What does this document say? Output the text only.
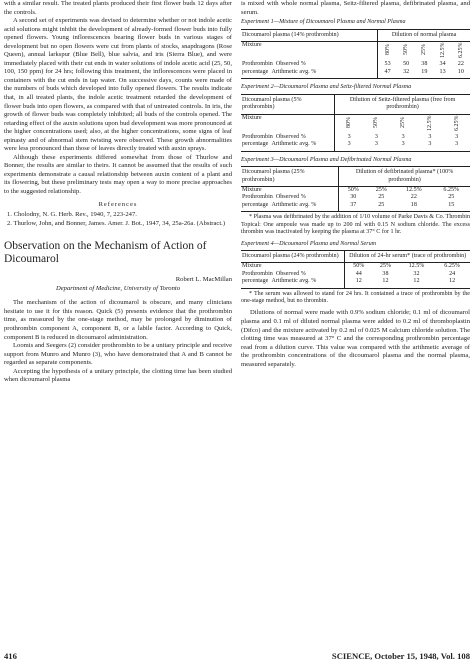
with a similar result. The treated plants produced their first flower buds 12 days after the controls.

A second set of experiments was devised to determine whether or not indole acetic acid solutions might inhibit the development of already-formed flower buds into fully opened flowers. Young inflorescences bearing flower buds in various stages of development but no open flowers were cut from plants of stocks, snapdragons (Rose Queen), annual larkspur (Blue Bell), blue salvia, and iris (Sierra Blue), and were immediately placed with their cut ends in water solutions of indole acetic acid (25, 50, 100, 150 ppm) for 24 hrs; following this treatment, the inflorescences were placed in containers with the cut ends in tap water. On successive days, counts were made of the numbers of buds which developed into fully opened flowers. The results indicate that, in all treated plants, the indole acetic treatment retarded the development of flower buds into open flowers, as compared with that of untreated controls. In iris, the growth of flower buds was completely inhibited; all buds of the controls opened. The retarding effect of the auxin solutions upon bud development was more pronounced at the higher concentrations used; also, at the higher concentrations, some signs of leaf epinasty and of abnormal stem twisting were observed. These growth abnormalities were less pronounced than those of leaves directly treated with auxin sprays.

Although these experiments differed somewhat from those of Thurlow and Bonner, the results are similar to theirs. It cannot be assumed that the results of such experiments demonstrate a causal relationship between auxin content of a plant and its flowering, but these preliminary tests may open a way to more precise approaches to the suggested relationship.

References

1. Cholodny, N. G. Herb. Rev., 1940, 7, 223-247.

2. Thurlow, John, and Bonner, James. Amer. J. Bot., 1947, 34, 25a-26a. (Abstract.)

Observation on the Mechanism of Action of Dicoumarol

Robert L. MacMillan

Department of Medicine, University of Toronto

The mechanism of the action of dicoumarol is obscure, and many clinicians hesitate to use it for this reason. Quick (5) presents evidence that the prothrombin time, as measured by the one-stage method, may be prolonged by diminution of prothrombin component A, component B, or a labile factor. According to Quick, component B is reduced in dicoumarol administration.

Loomis and Seegers (2) consider prothrombin to be a unitary principle and receive support from Munro and Munro (3), who have demonstrated that A and B cannot be regarded as separate components.

Accepting the hypothesis of a unitary principle, the clotting time has been studied when dicoumarol plasma

is mixed with whole normal plasma, Seitz-filtered plasma, defibrinated plasma, and serum.

Experiment 1—Mixture of Dicoumarol Plasma and Normal Plasma
Dicoumarol plasma (14% prothrombin)	Dilution of normal plasma				
Mixture	80%	50%	25%	12.5%	6.25%
Prothrombin Observed %	53	50	38	34	22
percentage Arithmetic avg. %	47	32	19	13	10
Experiment 2—Dicoumarol Plasma and Seitz-filtered Normal Plasma
Dicoumarol plasma (5% prothrombin)	Dilution of Seitz-filtered plasma (free from prothrombin)				
Mixture	80%	50%	25%	12.5%	6.25%
Prothrombin Observed %	3	3	3	3	3
percentage Arithmetic avg. %	3	3	3	3	3
Experiment 3—Dicoumarol Plasma and Defibrinated Normal Plasma
Dicoumarol plasma (25% prothrombin)	Dilution of defibrinated plasma* (100% prothrombin)			
Mixture	50%	25%	12.5%	6.25%
Prothrombin Observed %	30	25	22	25
percentage Arithmetic avg. %	37	25	18	15

* Plasma was defibrinated by the addition of 1/10 volume of Parke Davis & Co. Thrombin Topical: One ampoule was made up to 200 ml with 0.15 N sodium chloride. The excess thrombin was inactivated by keeping the plasma at 37° C for 1 hr.

Experiment 4—Dicoumarol Plasma and Normal Serum
Dicoumarol plasma (24% prothrombin)	Dilution of 24-hr serum* (trace of prothrombin)			
Mixture	50%	25%	12.5%	6.25%
Prothrombin Observed %	44	38	32	24
percentage Arithmetic avg. %	12	12	12	12

* The serum was allowed to stand for 24 hrs. It contained a trace of prothrombin by the one-stage method, but no thrombin.

Dilutions of normal were made with 0.9% sodium chloride; 0.1 ml of dicoumarol plasma and 0.1 ml of diluted normal plasma were added to 0.2 ml of thromboplastin (Difco) and the mixture activated by 0.2 ml of 0.025 M calcium chloride solution. The clotting time was measured at 37° C and the corresponding prothrombin percentage read from a dilution curve. This value was compared with the arithmetic average of the prothrombin concentrations of the dicoumarol plasma and the normal plasma, measured separately.

416	SCIENCE, October 15, 1948, Vol. 108
